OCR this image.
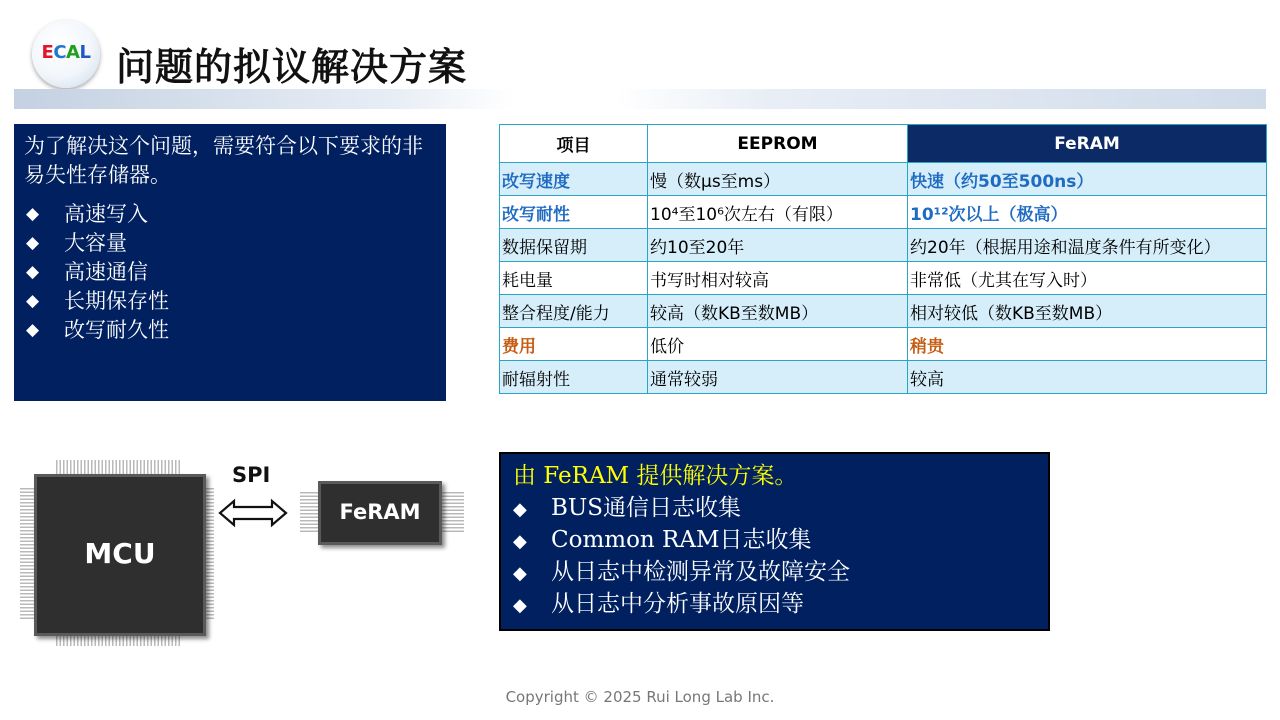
ECAL 问题的拟议解决方案

为了解决这个问题，需要符合以下要求的非易失性存储器。

◆	高速写入
◆	大容量
◆	高速通信
◆	长期保存性
◆	改写耐久性
项目	EEPROM	FeRAM
改写速度	慢（数μs至ms）	快速（约50至500ns）
改写耐性	10⁴至10⁶次左右（有限）	10¹²次以上（极高）
数据保留期	约10至20年	约20年（根据用途和温度条件有所变化）
耗电量	书写时相对较高	非常低（尤其在写入时）
整合程度/能力	较高（数KB至数MB）	相对较低（数KB至数MB）
费用	低价	稍贵
耐辐射性	通常较弱	较高
MCU
SPI
FeRAM
由 FeRAM 提供解决方案。
◆ BUS通信日志收集
◆ Common RAM日志收集
◆ 从日志中检测异常及故障安全
◆ 从日志中分析事故原因等
Copyright © 2025 Rui Long Lab Inc.
